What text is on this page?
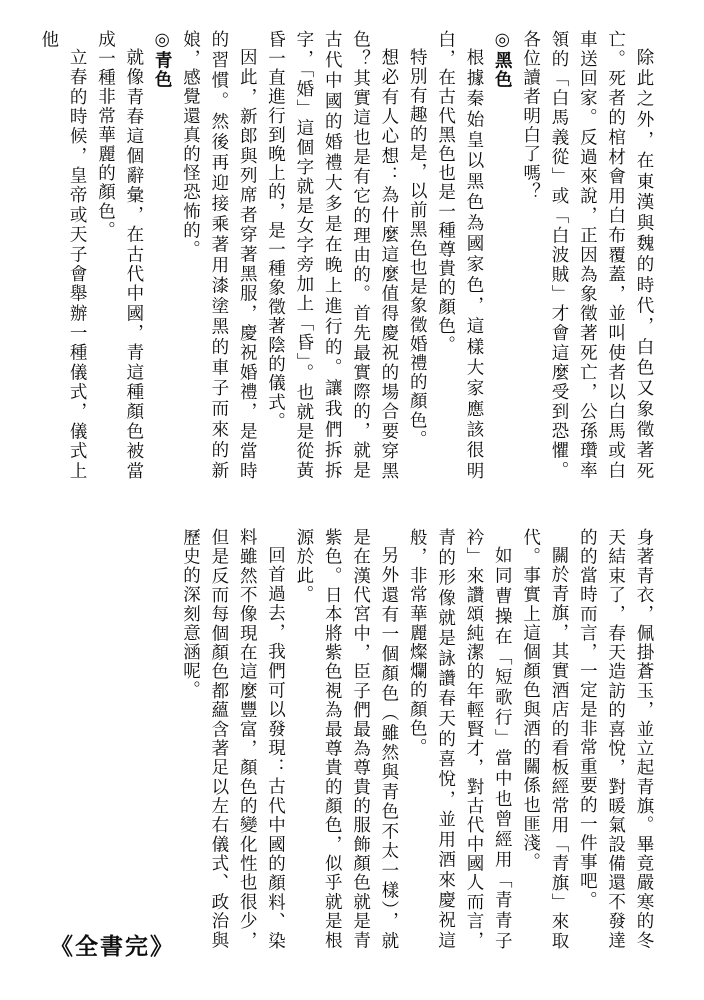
除此之外，在東漢與魏的時代，白色又象徵著死亡。死者的棺材會用白布覆蓋，並叫使者以白馬或白車送回家。反過來說，正因為象徵著死亡，公孫瓚率領的「白馬義從」或「白波賊」才會這麼受到恐懼。各位讀者明白了嗎？

◎黑色

根據秦始皇以黑色為國家色，這樣大家應該很明白，在古代黑色也是一種尊貴的顏色。

特別有趣的是，以前黑色也是象徵婚禮的顏色。

想必有人心想：為什麼這麼值得慶祝的場合要穿黑色？其實這也是有它的理由的。首先最實際的，就是古代中國的婚禮大多是在晚上進行的。讓我們拆拆字，「婚」這個字就是女字旁加上「昏」。也就是從黃昏一直進行到晚上的，是一種象徵著陰的儀式。

因此，新郎與列席者穿著黑服，慶祝婚禮，是當時的習慣。然後再迎接乘著用漆塗黑的車子而來的新娘，感覺還真的怪恐怖的。

◎青色

就像青春這個辭彙，在古代中國，青這種顏色被當成一種非常華麗的顏色。

立春的時候，皇帝或天子會舉辦一種儀式，儀式上他

身著青衣，佩掛蒼玉，並立起青旗。畢竟嚴寒的冬天結束了，春天造訪的喜悅，對暖氣設備還不發達的的當時而言，一定是非常重要的一件事吧。

關於青旗，其實酒店的看板經常用「青旗」來取代。事實上這個顏色與酒的關係也匪淺。

如同曹操在「短歌行」當中也曾經用「青青子衿」來讚頌純潔的年輕賢才，對古代中國人而言，青的形像就是詠讚春天的喜悅，並用酒來慶祝這般，非常華麗燦爛的顏色。

另外還有一個顏色（雖然與青色不太一樣），就是在漢代宮中，臣子們最為尊貴的服飾顏色就是青紫色。日本將紫色視為最尊貴的顏色，似乎就是根源於此。

回首過去，我們可以發現：古代中國的顏料、染料雖然不像現在這麼豐富，顏色的變化性也很少，但是反而每個顏色都蘊含著足以左右儀式、政治與歷史的深刻意涵呢。

《全書完》
